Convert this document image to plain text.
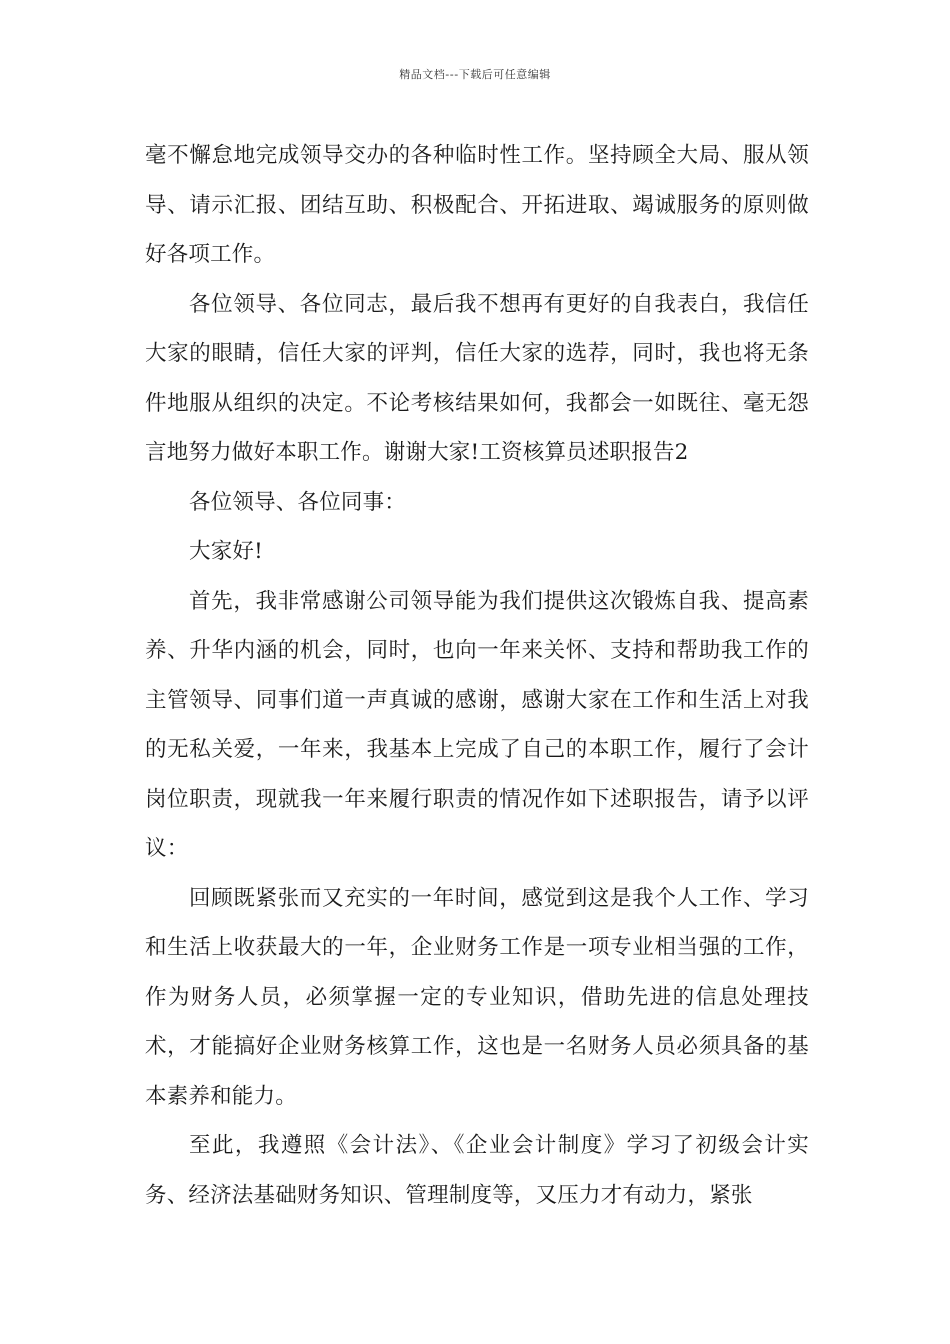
精品文档---下载后可任意编辑

毫不懈怠地完成领导交办的各种临时性工作。坚持顾全大局、服从领导、请示汇报、团结互助、积极配合、开拓进取、竭诚服务的原则做好各项工作。

各位领导、各位同志，最后我不想再有更好的自我表白，我信任大家的眼睛，信任大家的评判，信任大家的选荐，同时，我也将无条件地服从组织的决定。不论考核结果如何，我都会一如既往、毫无怨言地努力做好本职工作。谢谢大家!工资核算员述职报告2

各位领导、各位同事：

大家好!

首先，我非常感谢公司领导能为我们提供这次锻炼自我、提高素养、升华内涵的机会，同时，也向一年来关怀、支持和帮助我工作的主管领导、同事们道一声真诚的感谢，感谢大家在工作和生活上对我的无私关爱，一年来，我基本上完成了自己的本职工作，履行了会计岗位职责，现就我一年来履行职责的情况作如下述职报告，请予以评议：

回顾既紧张而又充实的一年时间，感觉到这是我个人工作、学习和生活上收获最大的一年，企业财务工作是一项专业相当强的工作，作为财务人员，必须掌握一定的专业知识，借助先进的信息处理技术，才能搞好企业财务核算工作，这也是一名财务人员必须具备的基本素养和能力。

至此，我遵照《会计法》、《企业会计制度》学习了初级会计实务、经济法基础财务知识、管理制度等，又压力才有动力，紧张
